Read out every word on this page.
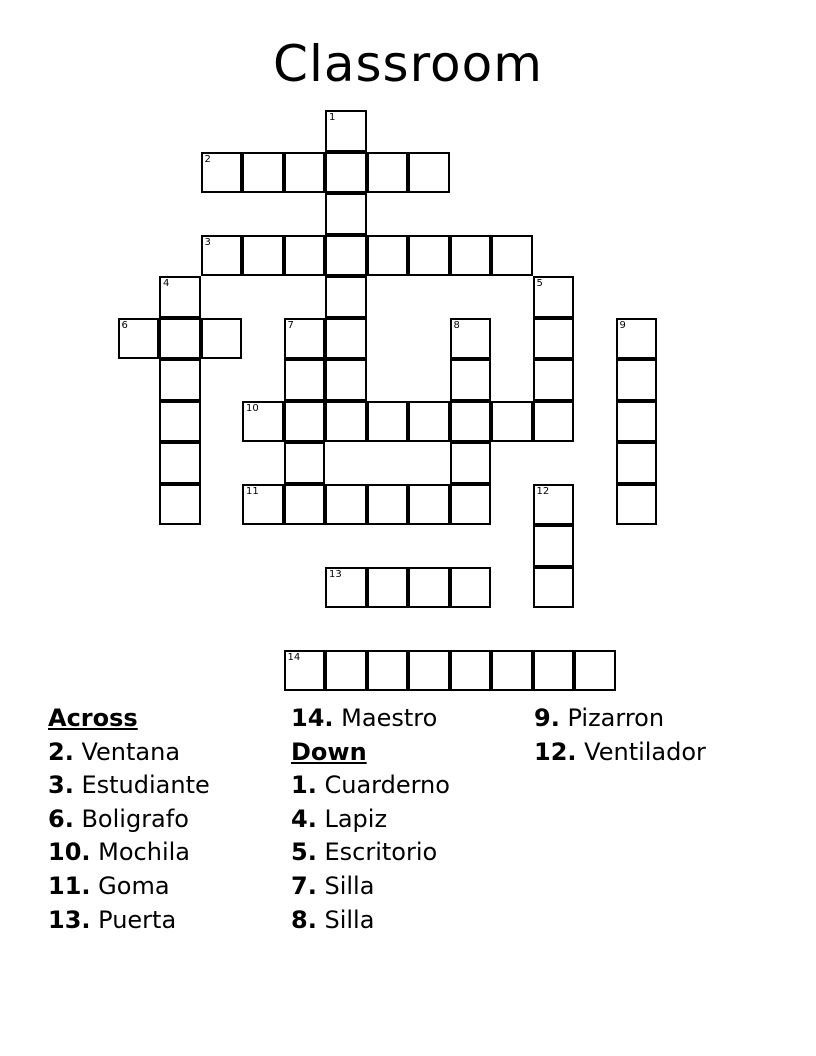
Classroom
1
2
3
4	5
6	7	8	9
10
11	12
13
14
Across
2. Ventana
3. Estudiante
6. Boligrafo
10. Mochila
11. Goma
13. Puerta
14. Maestro
Down
1. Cuarderno
4. Lapiz
5. Escritorio
7. Silla
8. Silla
9. Pizarron
12. Ventilador
